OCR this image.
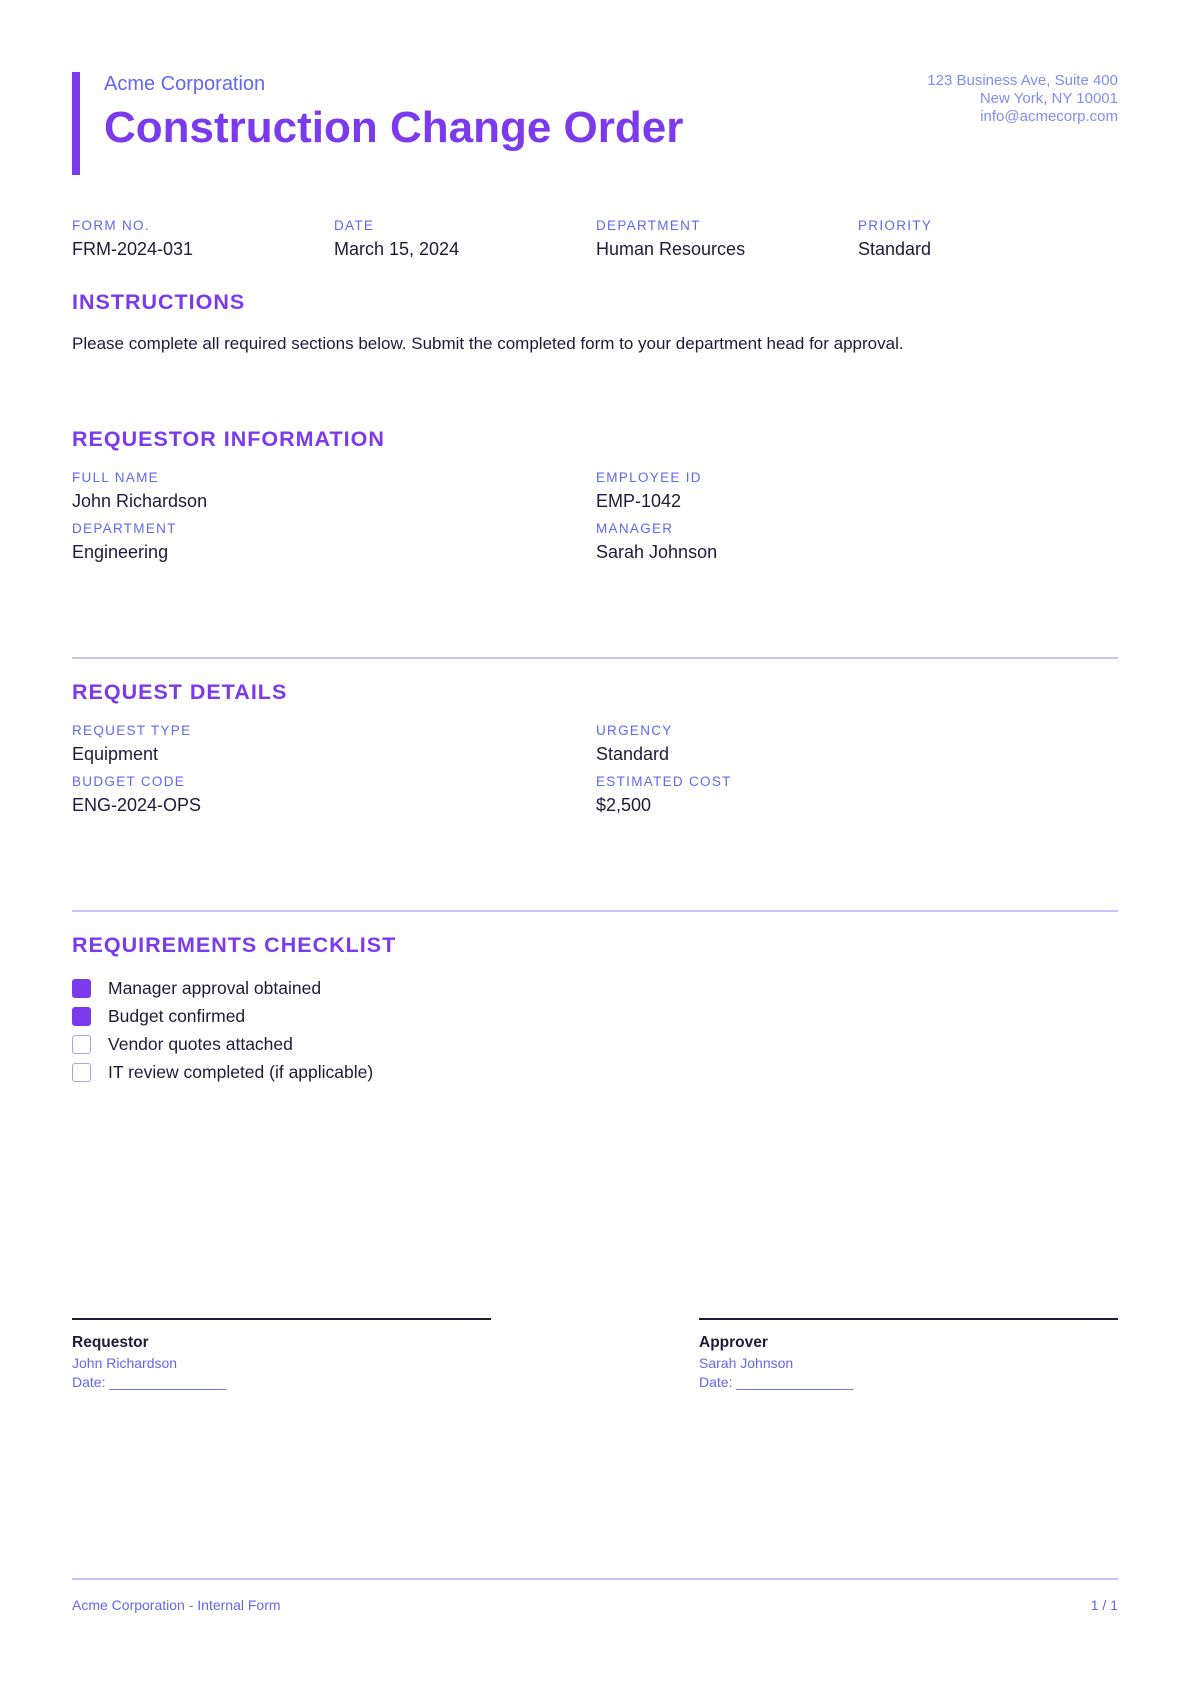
Acme Corporation
Construction Change Order
123 Business Ave, Suite 400
New York, NY 10001
info@acmecorp.com
FORM NO.
FRM-2024-031
DATE
March 15, 2024
DEPARTMENT
Human Resources
PRIORITY
Standard
INSTRUCTIONS
Please complete all required sections below. Submit the completed form to your department head for approval.
REQUESTOR INFORMATION
FULL NAME
John Richardson
EMPLOYEE ID
EMP-1042
DEPARTMENT
Engineering
MANAGER
Sarah Johnson
REQUEST DETAILS
REQUEST TYPE
Equipment
URGENCY
Standard
BUDGET CODE
ENG-2024-OPS
ESTIMATED COST
$2,500
REQUIREMENTS CHECKLIST
Manager approval obtained
Budget confirmed
Vendor quotes attached
IT review completed (if applicable)
Requestor
John Richardson
Date: _______________
Approver
Sarah Johnson
Date: _______________
Acme Corporation - Internal Form	1 / 1
